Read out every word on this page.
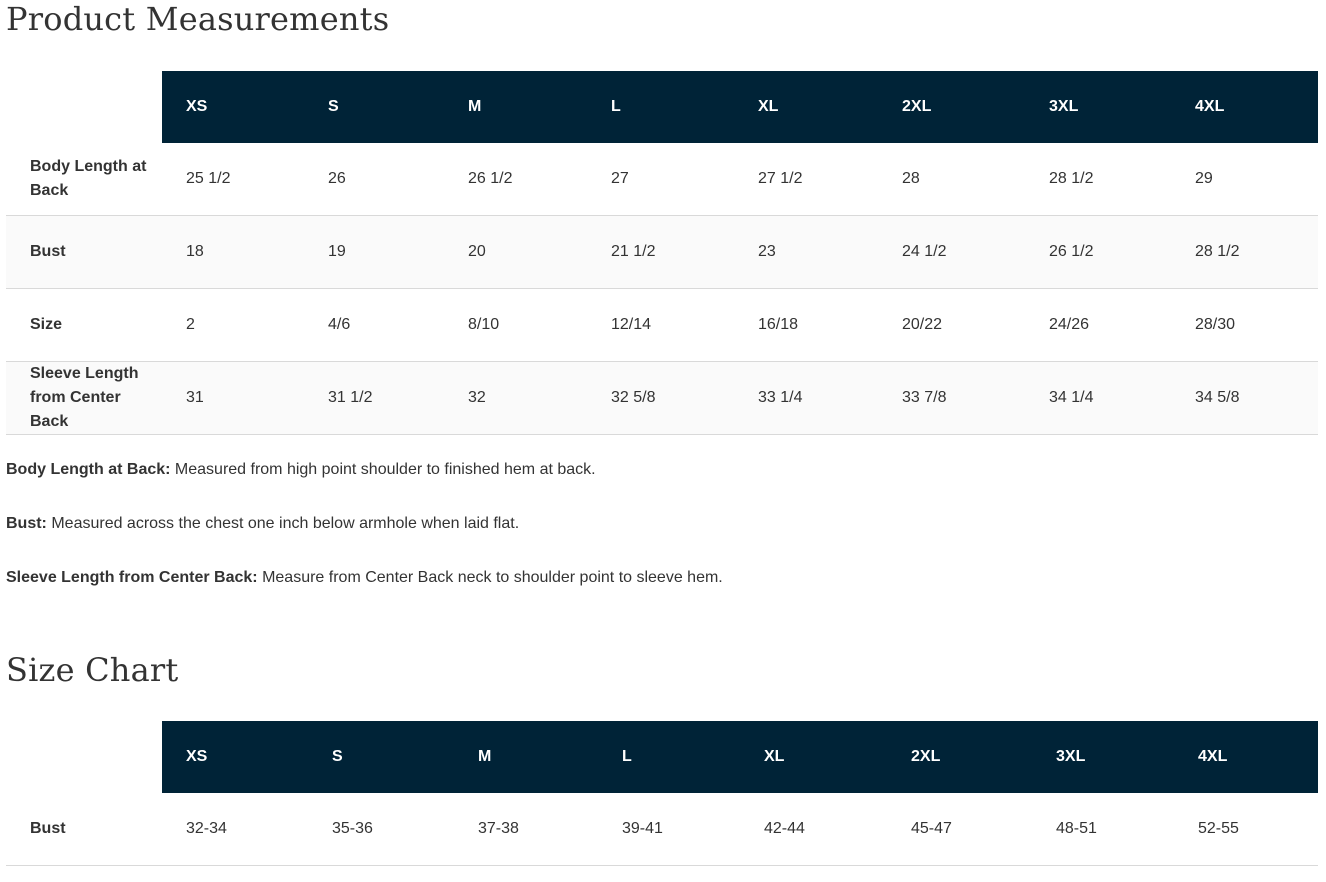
Product Measurements
	XS	S	M	L	XL	2XL	3XL	4XL
Body Length at Back	25 1/2	26	26 1/2	27	27 1/2	28	28 1/2	29
Bust	18	19	20	21 1/2	23	24 1/2	26 1/2	28 1/2
Size	2	4/6	8/10	12/14	16/18	20/22	24/26	28/30
Sleeve Length from Center Back	31	31 1/2	32	32 5/8	33 1/4	33 7/8	34 1/4	34 5/8

Body Length at Back: Measured from high point shoulder to finished hem at back.

Bust: Measured across the chest one inch below armhole when laid flat.

Sleeve Length from Center Back: Measure from Center Back neck to shoulder point to sleeve hem.

Size Chart
	XS	S	M	L	XL	2XL	3XL	4XL
Bust	32-34	35-36	37-38	39-41	42-44	45-47	48-51	52-55
